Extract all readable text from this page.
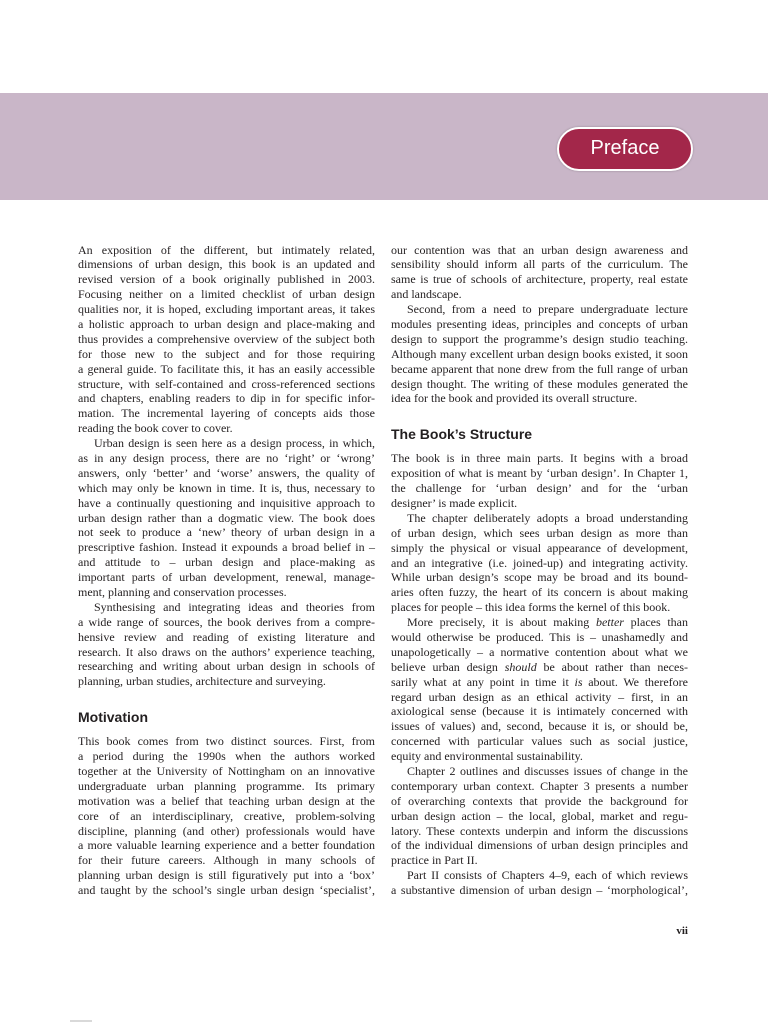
Preface
An exposition of the different, but intimately related,
dimensions of urban design, this book is an updated and
revised version of a book originally published in 2003.
Focusing neither on a limited checklist of urban design
qualities nor, it is hoped, excluding important areas, it takes
a holistic approach to urban design and place-making and
thus provides a comprehensive overview of the subject both
for those new to the subject and for those requiring
a general guide. To facilitate this, it has an easily accessible
structure, with self-contained and cross-referenced sections
and chapters, enabling readers to dip in for specific infor-
mation. The incremental layering of concepts aids those
reading the book cover to cover.
Urban design is seen here as a design process, in which,
as in any design process, there are no ‘right’ or ‘wrong’
answers, only ‘better’ and ‘worse’ answers, the quality of
which may only be known in time. It is, thus, necessary to
have a continually questioning and inquisitive approach to
urban design rather than a dogmatic view. The book does
not seek to produce a ‘new’ theory of urban design in a
prescriptive fashion. Instead it expounds a broad belief in –
and attitude to – urban design and place-making as
important parts of urban development, renewal, manage-
ment, planning and conservation processes.
Synthesising and integrating ideas and theories from
a wide range of sources, the book derives from a compre-
hensive review and reading of existing literature and
research. It also draws on the authors’ experience teaching,
researching and writing about urban design in schools of
planning, urban studies, architecture and surveying.
Motivation
This book comes from two distinct sources. First, from
a period during the 1990s when the authors worked
together at the University of Nottingham on an innovative
undergraduate urban planning programme. Its primary
motivation was a belief that teaching urban design at the
core of an interdisciplinary, creative, problem-solving
discipline, planning (and other) professionals would have
a more valuable learning experience and a better foundation
for their future careers. Although in many schools of
planning urban design is still figuratively put into a ‘box’
and taught by the school’s single urban design ‘specialist’,
our contention was that an urban design awareness and
sensibility should inform all parts of the curriculum. The
same is true of schools of architecture, property, real estate
and landscape.
Second, from a need to prepare undergraduate lecture
modules presenting ideas, principles and concepts of urban
design to support the programme’s design studio teaching.
Although many excellent urban design books existed, it soon
became apparent that none drew from the full range of urban
design thought. The writing of these modules generated the
idea for the book and provided its overall structure.
The Book’s Structure
The book is in three main parts. It begins with a broad
exposition of what is meant by ‘urban design’. In Chapter 1,
the challenge for ‘urban design’ and for the ‘urban
designer’ is made explicit.
The chapter deliberately adopts a broad understanding
of urban design, which sees urban design as more than
simply the physical or visual appearance of development,
and an integrative (i.e. joined-up) and integrating activity.
While urban design’s scope may be broad and its bound-
aries often fuzzy, the heart of its concern is about making
places for people – this idea forms the kernel of this book.
More precisely, it is about making better places than
would otherwise be produced. This is – unashamedly and
unapologetically – a normative contention about what we
believe urban design should be about rather than neces-
sarily what at any point in time it is about. We therefore
regard urban design as an ethical activity – first, in an
axiological sense (because it is intimately concerned with
issues of values) and, second, because it is, or should be,
concerned with particular values such as social justice,
equity and environmental sustainability.
Chapter 2 outlines and discusses issues of change in the
contemporary urban context. Chapter 3 presents a number
of overarching contexts that provide the background for
urban design action – the local, global, market and regu-
latory. These contexts underpin and inform the discussions
of the individual dimensions of urban design principles and
practice in Part II.
Part II consists of Chapters 4–9, each of which reviews
a substantive dimension of urban design – ‘morphological’,
vii
